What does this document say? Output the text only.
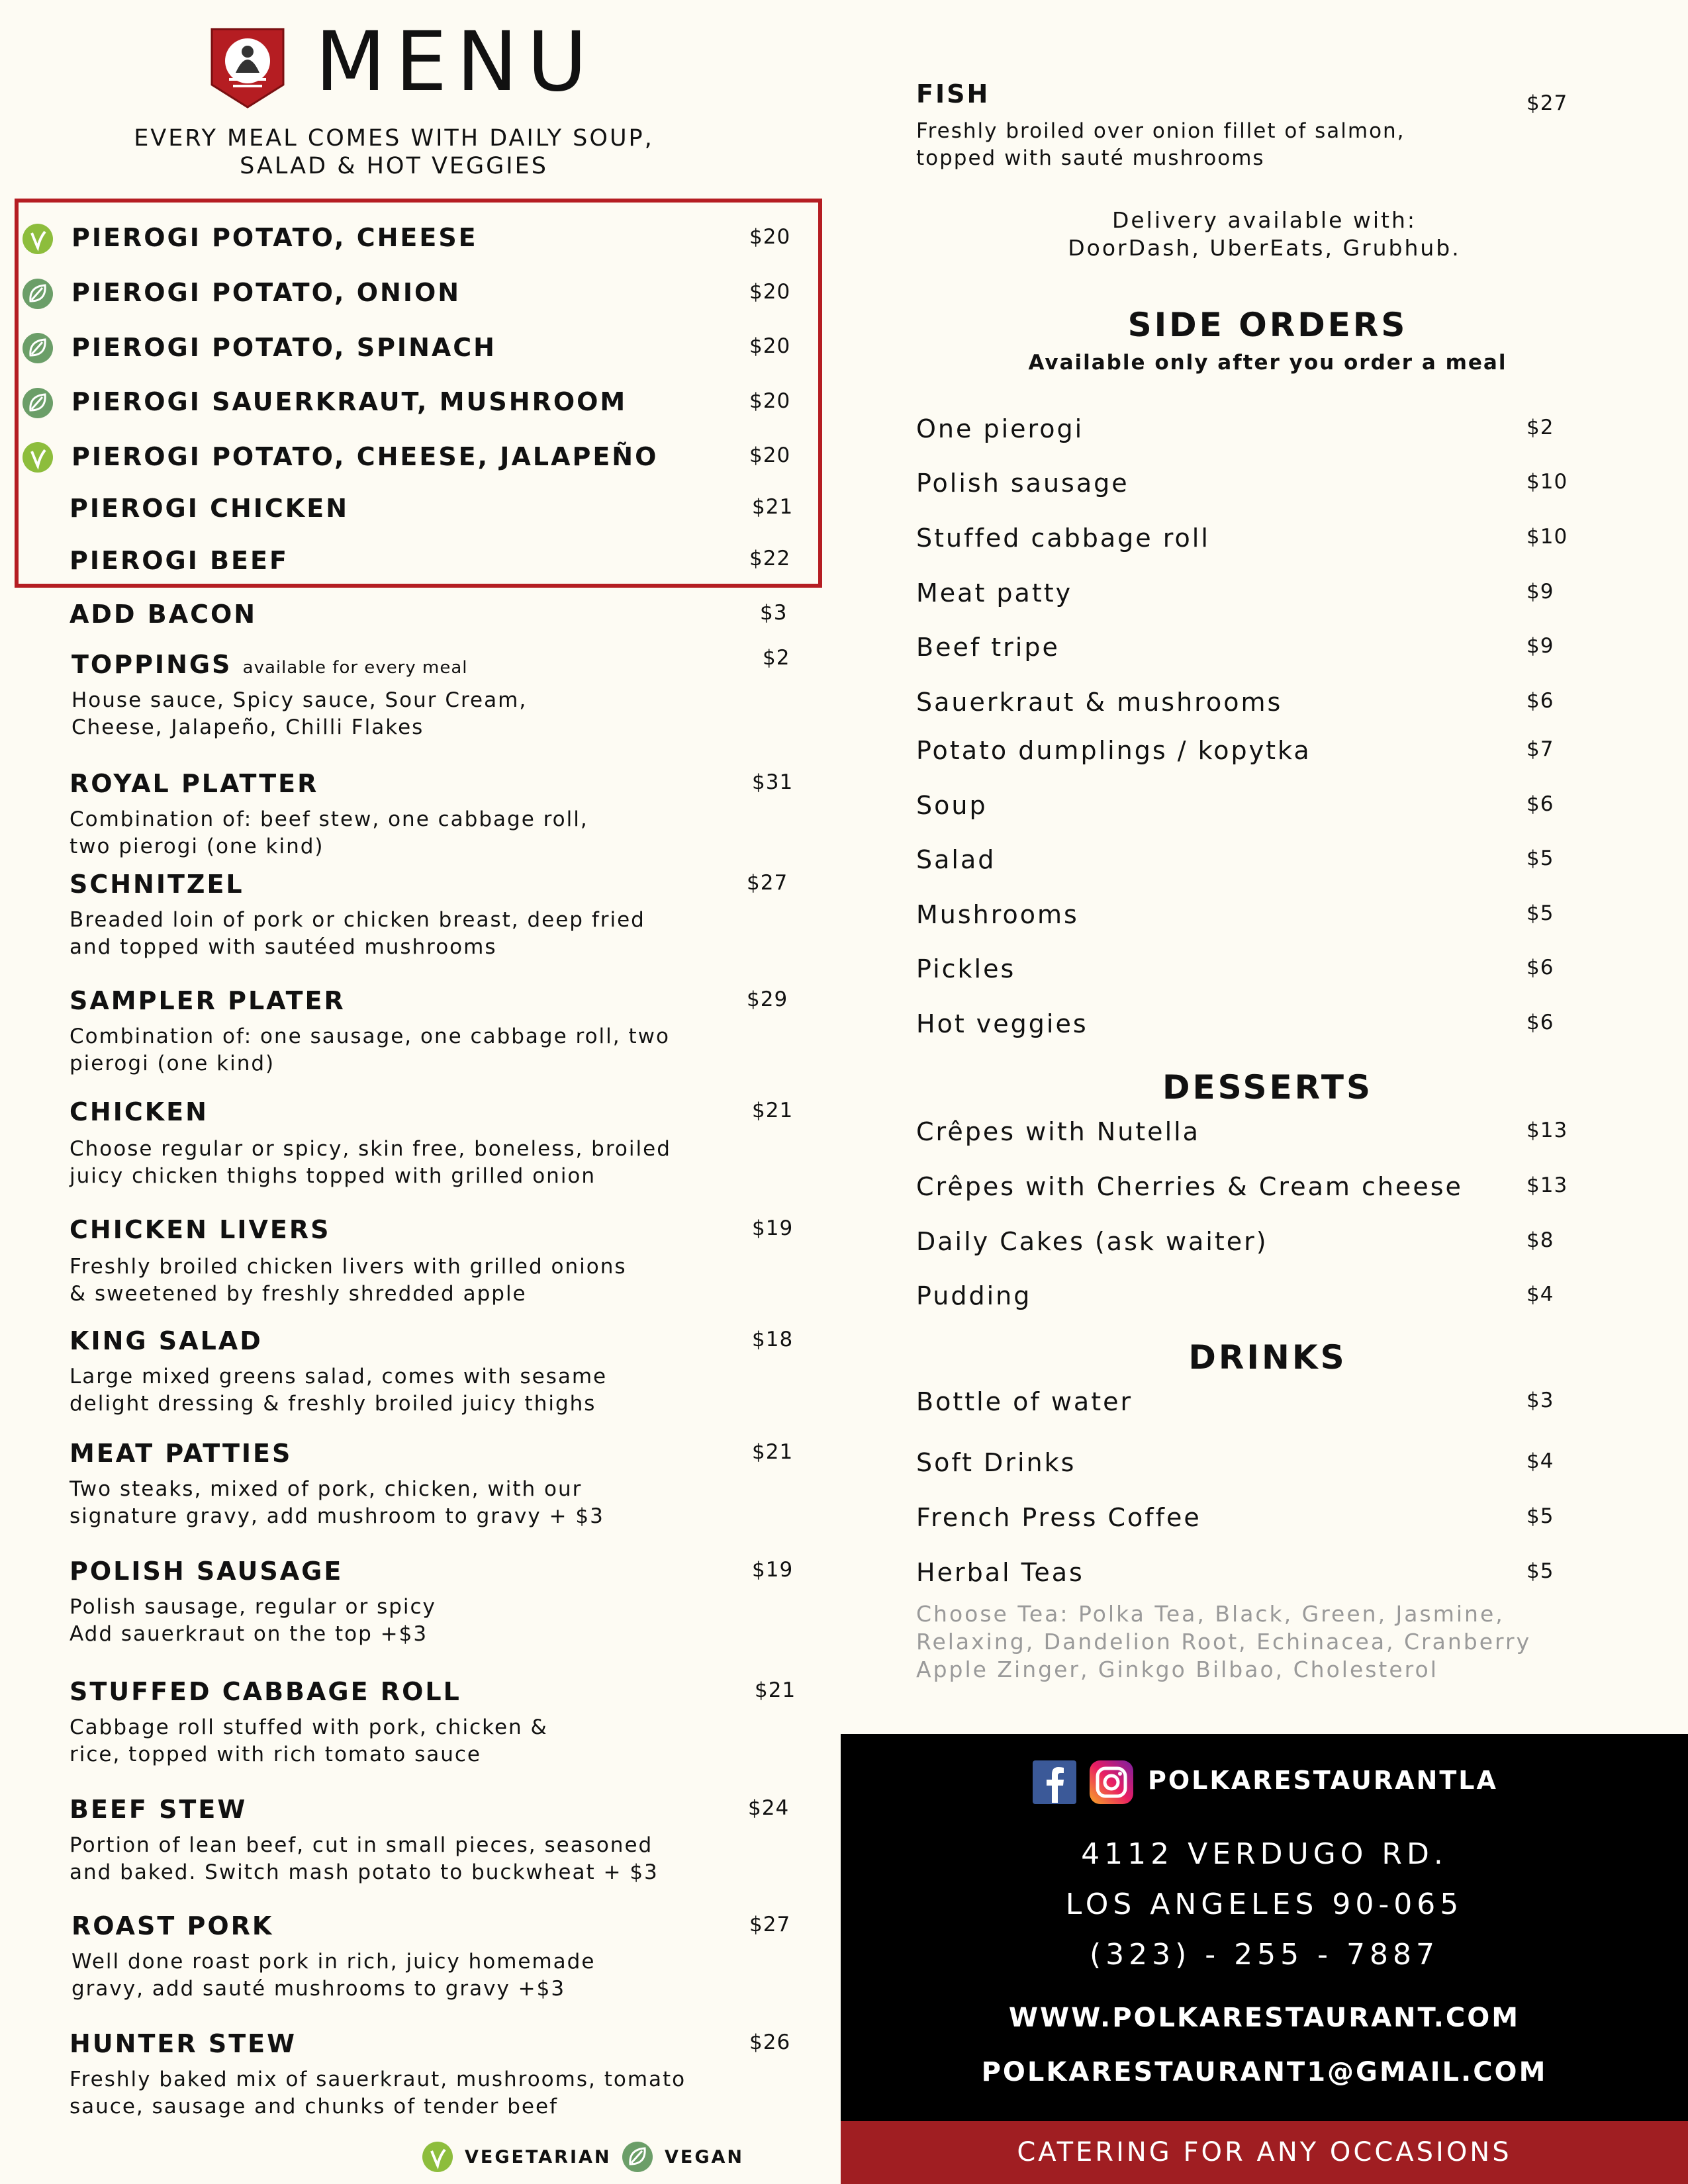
MENU
EVERY MEAL COMES WITH DAILY SOUP,
SALAD & HOT VEGGIES
PIEROGI POTATO, CHEESE	$20
PIEROGI POTATO, ONION	$20
PIEROGI POTATO, SPINACH	$20
PIEROGI SAUERKRAUT, MUSHROOM	$20
PIEROGI POTATO, CHEESE, JALAPEÑO	$20
PIEROGI CHICKEN	$21
PIEROGI BEEF	$22
ADD BACON	$3
TOPPINGS available for every meal	$2
House sauce, Spicy sauce, Sour Cream,
Cheese, Jalapeño, Chilli Flakes
ROYAL PLATTER	$31
Combination of: beef stew, one cabbage roll,
two pierogi (one kind)
SCHNITZEL	$27
Breaded loin of pork or chicken breast, deep fried
and topped with sautéed mushrooms
SAMPLER PLATER	$29
Combination of: one sausage, one cabbage roll, two
pierogi (one kind)
CHICKEN	$21
Choose regular or spicy, skin free, boneless, broiled
juicy chicken thighs topped with grilled onion
CHICKEN LIVERS	$19
Freshly broiled chicken livers with grilled onions
& sweetened by freshly shredded apple
KING SALAD	$18
Large mixed greens salad, comes with sesame
delight dressing & freshly broiled juicy thighs
MEAT PATTIES	$21
Two steaks, mixed of pork, chicken, with our
signature gravy, add mushroom to gravy + $3
POLISH SAUSAGE	$19
Polish sausage, regular or spicy
Add sauerkraut on the top +$3
STUFFED CABBAGE ROLL	$21
Cabbage roll stuffed with pork, chicken &
rice, topped with rich tomato sauce
BEEF STEW	$24
Portion of lean beef, cut in small pieces, seasoned
and baked. Switch mash potato to buckwheat + $3
ROAST PORK	$27
Well done roast pork in rich, juicy homemade
gravy, add sauté mushrooms to gravy +$3
HUNTER STEW	$26
Freshly baked mix of sauerkraut, mushrooms, tomato
sauce, sausage and chunks of tender beef
VEGETARIAN	VEGAN
FISH	$27
Freshly broiled over onion fillet of salmon,
topped with sauté mushrooms
Delivery available with:
DoorDash, UberEats, Grubhub.
SIDE ORDERS
Available only after you order a meal
One pierogi	$2
Polish sausage	$10
Stuffed cabbage roll	$10
Meat patty	$9
Beef tripe	$9
Sauerkraut & mushrooms	$6
Potato dumplings / kopytka	$7
Soup	$6
Salad	$5
Mushrooms	$5
Pickles	$6
Hot veggies	$6
DESSERTS
Crêpes with Nutella	$13
Crêpes with Cherries & Cream cheese	$13
Daily Cakes (ask waiter)	$8
Pudding	$4
DRINKS
Bottle of water	$3
Soft Drinks	$4
French Press Coffee	$5
Herbal Teas	$5
Choose Tea: Polka Tea, Black, Green, Jasmine,
Relaxing, Dandelion Root, Echinacea, Cranberry
Apple Zinger, Ginkgo Bilbao, Cholesterol
POLKARESTAURANTLA
4112 VERDUGO RD.
LOS ANGELES 90-065
(323) - 255 - 7887
WWW.POLKARESTAURANT.COM
POLKARESTAURANT1@GMAIL.COM
CATERING FOR ANY OCCASIONS
